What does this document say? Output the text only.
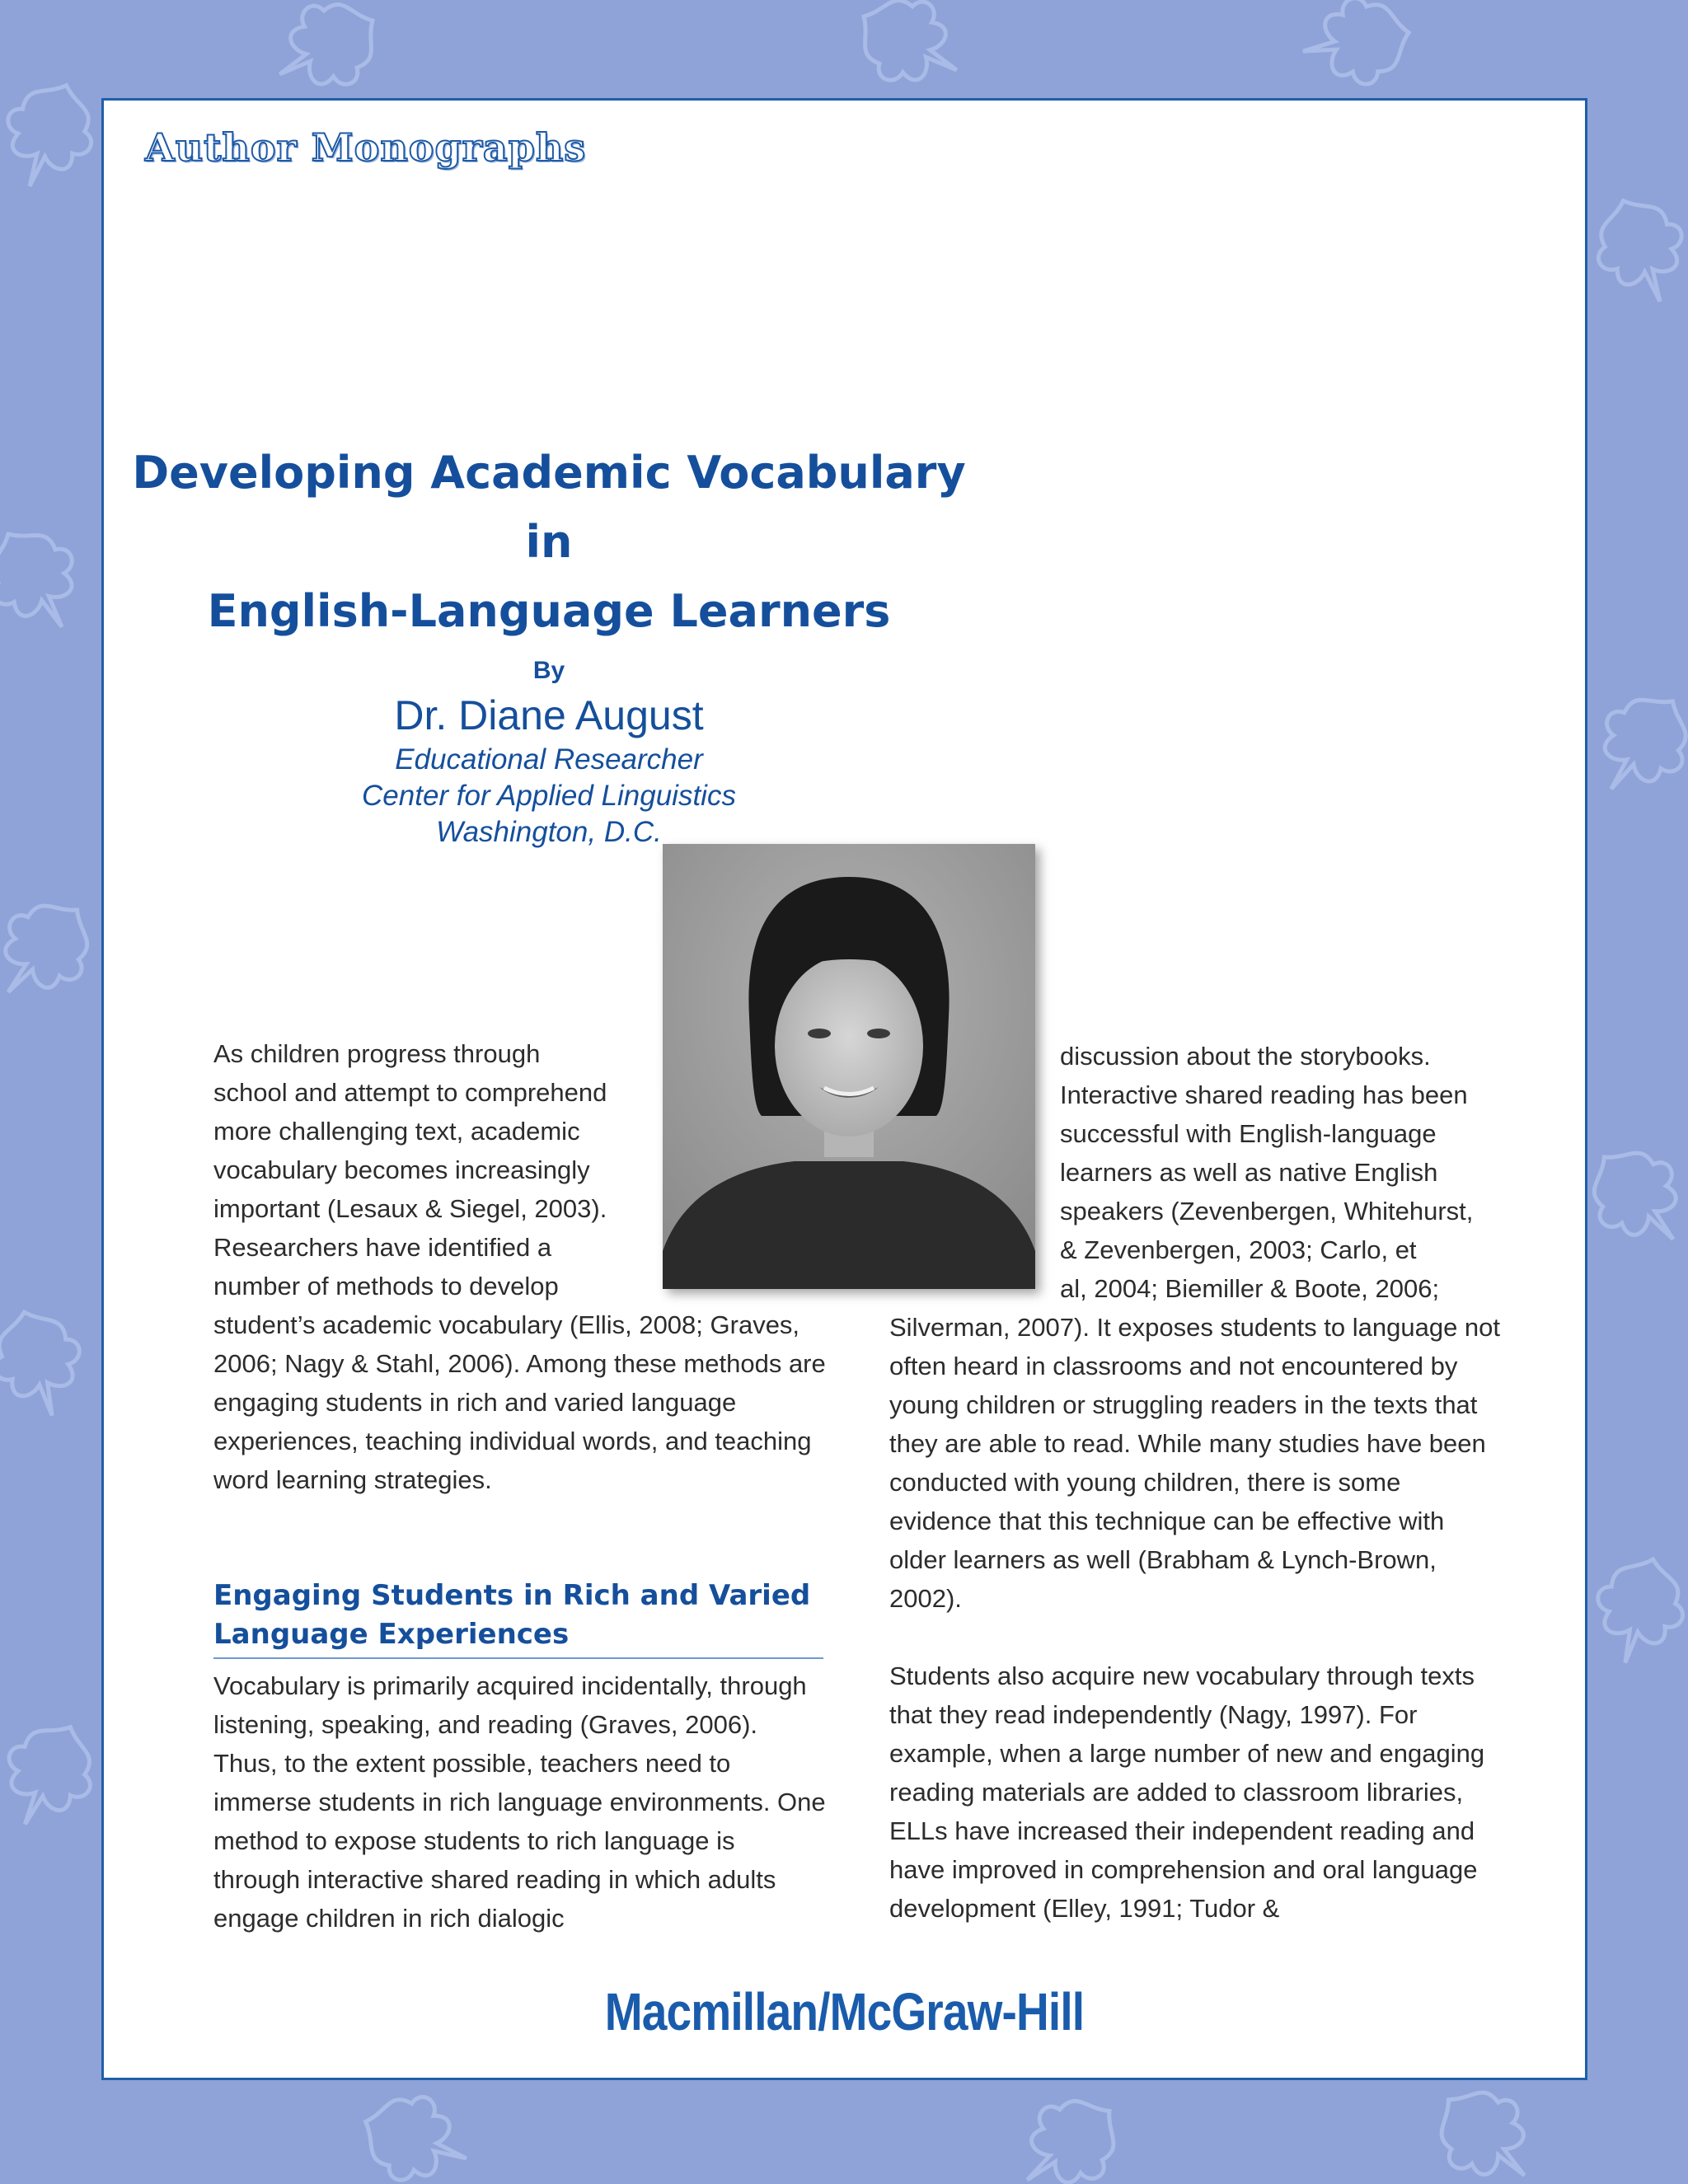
Author Monographs
Developing Academic Vocabulary in
English-Language Learners
By
Dr. Diane August
Educational Researcher
Center for Applied Linguistics
Washington, D.C.
As children progress through
school and attempt to comprehend
more challenging text, academic
vocabulary becomes increasingly
important (Lesaux & Siegel, 2003).
Researchers have identified a
number of methods to develop

student’s academic vocabulary (Ellis, 2008; Graves, 2006; Nagy & Stahl, 2006). Among these methods are engaging students in rich and varied language experiences, teaching individual words, and teaching word learning strategies.

Engaging Students in Rich and Varied
Language Experiences

Vocabulary is primarily acquired incidentally, through listening, speaking, and reading (Graves, 2006). Thus, to the extent possible, teachers need to immerse students in rich language environments. One method to expose students to rich language is through interactive shared reading in which adults engage children in rich dialogic

discussion about the storybooks.
Interactive shared reading has been
successful with English-language
learners as well as native English
speakers (Zevenbergen, Whitehurst,
& Zevenbergen, 2003; Carlo, et
al, 2004; Biemiller & Boote, 2006;

Silverman, 2007). It exposes students to language not often heard in classrooms and not encountered by young children or struggling readers in the texts that they are able to read. While many studies have been conducted with young children, there is some evidence that this technique can be effective with older learners as well (Brabham & Lynch-Brown, 2002).

Students also acquire new vocabulary through texts that they read independently (Nagy, 1997). For example, when a large number of new and engaging reading materials are added to classroom libraries, ELLs have increased their independent reading and have improved in comprehension and oral language development (Elley, 1991; Tudor &

Macmillan/McGraw-Hill
